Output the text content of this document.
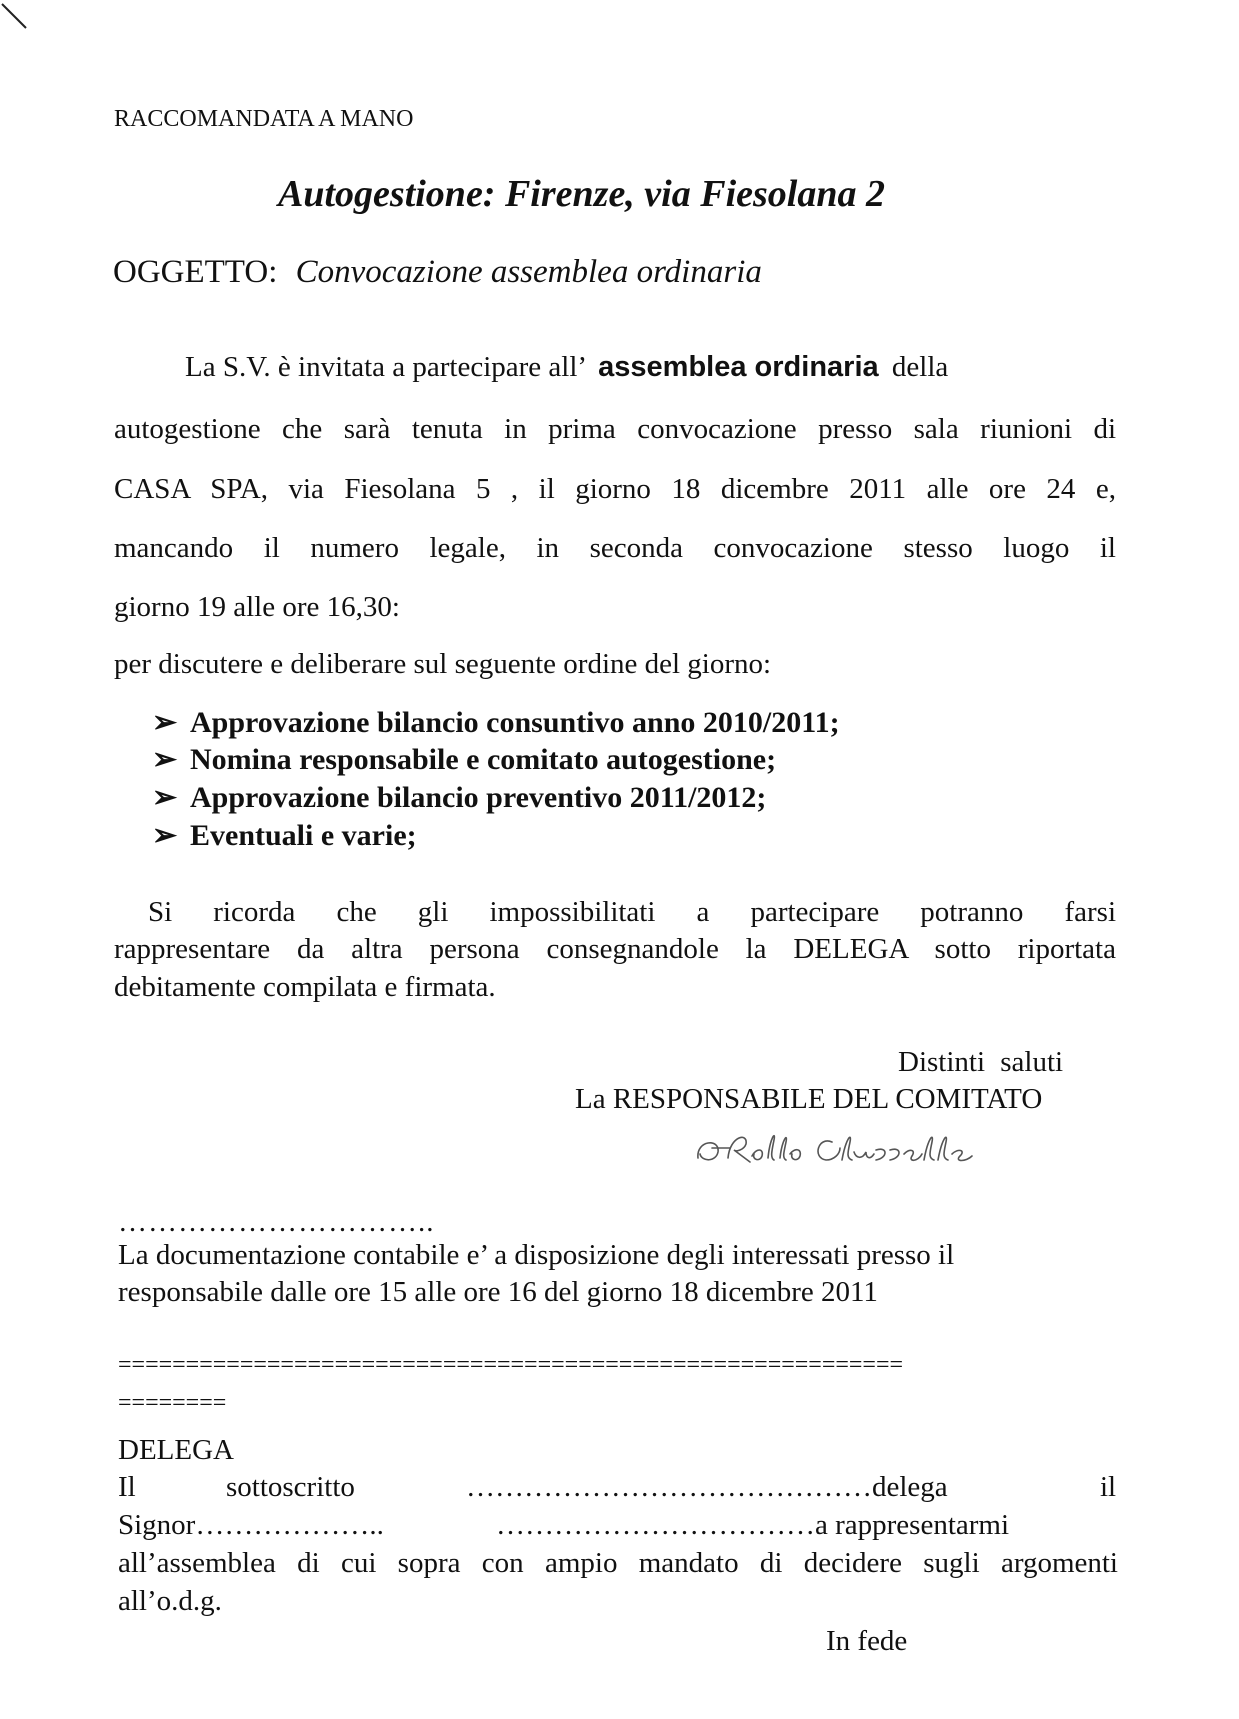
RACCOMANDATA A MANO
Autogestione: Firenze, via Fiesolana 2
OGGETTO: Convocazione assemblea ordinaria
La S.V. è invitata a partecipare all’ assemblea ordinaria della
autogestione che sarà tenuta in prima convocazione presso sala riunioni di
CASA SPA, via Fiesolana 5 , il giorno 18 dicembre 2011 alle ore 24 e,
mancando il numero legale, in seconda convocazione stesso luogo il
giorno 19 alle ore 16,30:
per discutere e deliberare sul seguente ordine del giorno:
➢ Approvazione bilancio consuntivo anno 2010/2011;
➢ Nomina responsabile e comitato autogestione;
➢ Approvazione bilancio preventivo 2011/2012;
➢ Eventuali e varie;
Si ricorda che gli impossibilitati a partecipare potranno farsi
rappresentare da altra persona consegnandole la DELEGA sotto riportata
debitamente compilata e firmata.
Distinti saluti
La RESPONSABILE DEL COMITATO
…………………………..
La documentazione contabile e’ a disposizione degli interessati presso il
responsabile dalle ore 15 alle ore 16 del giorno 18 dicembre 2011
==========================================================
========
DELEGA
Il	sottoscritto	……………………………………delega	il
Signor………………..	……………………………a rappresentarmi
all’assemblea di cui sopra con ampio mandato di decidere sugli argomenti
all’o.d.g.
In fede
